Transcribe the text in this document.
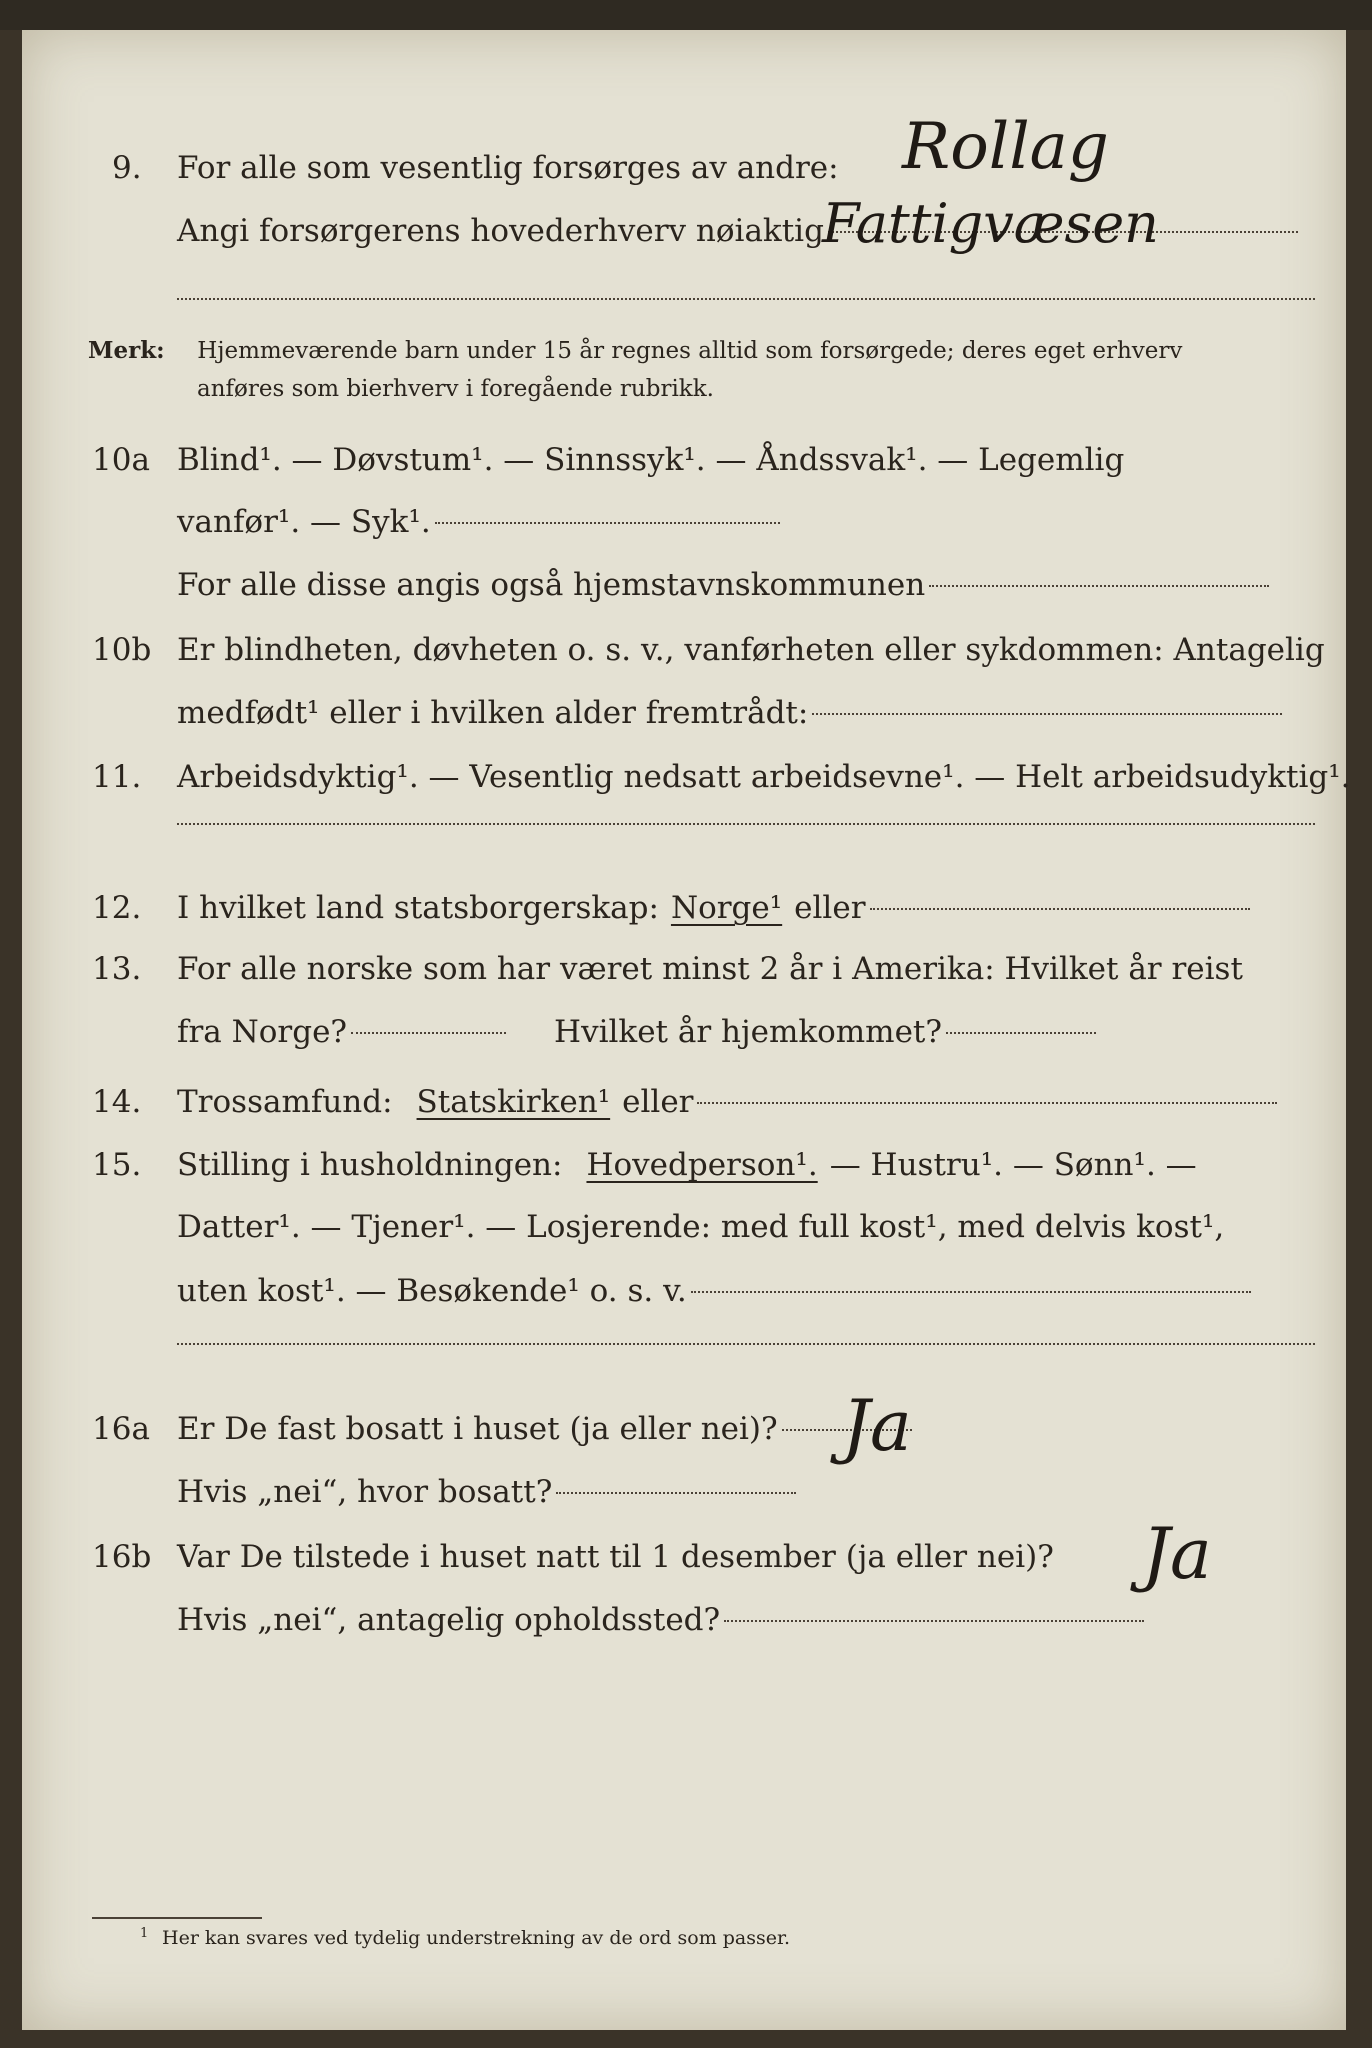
9.	For alle som vesentlig forsørges av andre: Rollag
Angi forsørgerens hovederhverv nøiaktig
Fattigvæsen
Merk: Hjemmeværende barn under 15 år regnes alltid som forsørgede; deres eget erhverv
anføres som bierhverv i foregående rubrikk.
10a Blind¹. — Døvstum¹. — Sinnssyk¹. — Åndssvak¹. — Legemlig
vanfør¹. — Syk¹.
For alle disse angis også hjemstavnskommunen
10b Er blindheten, døvheten o. s. v., vanførheten eller sykdommen: Antagelig
medfødt¹ eller i hvilken alder fremtrådt:
11.	Arbeidsdyktig¹. — Vesentlig nedsatt arbeidsevne¹. — Helt arbeidsudyktig¹.
12.	I hvilket land statsborgerskap: Norge¹ eller
13.	For alle norske som har været minst 2 år i Amerika: Hvilket år reist
fra Norge?	Hvilket år hjemkommet?
14.	Trossamfund: Statskirken¹ eller
15.	Stilling i husholdningen: Hovedperson¹. — Hustru¹. — Sønn¹. —
Datter¹. — Tjener¹. — Losjerende: med full kost¹, med delvis kost¹,
uten kost¹. — Besøkende¹ o. s. v.
16a Er De fast bosatt i huset (ja eller nei)? Ja
Hvis „nei“, hvor bosatt?
16b Var De tilstede i huset natt til 1 desember (ja eller nei)? Ja
Hvis „nei“, antagelig opholdssted?
1 Her kan svares ved tydelig understrekning av de ord som passer.
